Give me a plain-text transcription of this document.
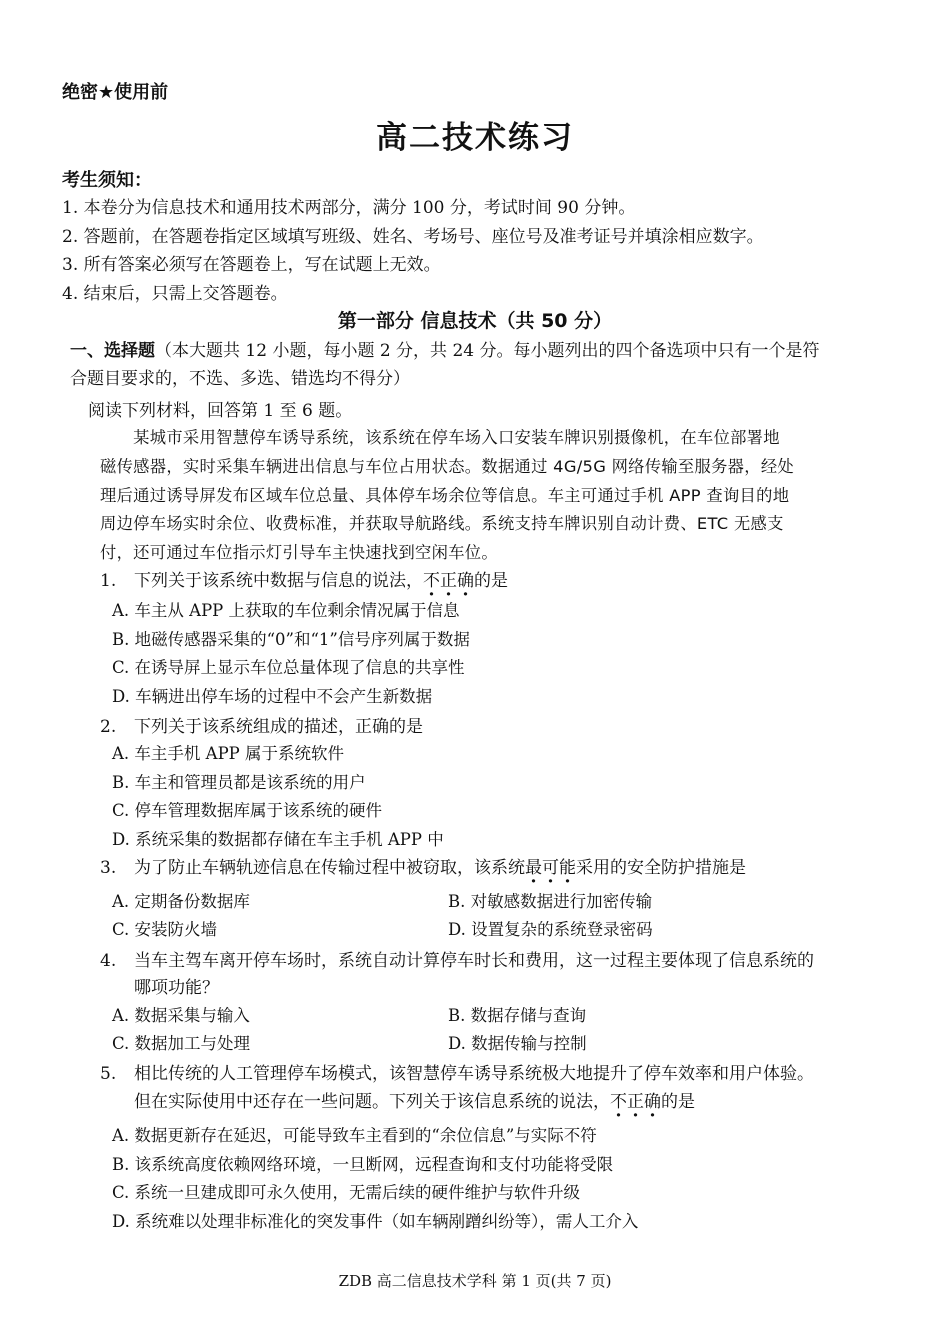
绝密★使用前
高二技术练习
考生须知：
1. 本卷分为信息技术和通用技术两部分，满分 100 分，考试时间 90 分钟。
2. 答题前，在答题卷指定区域填写班级、姓名、考场号、座位号及准考证号并填涂相应数字。
3. 所有答案必须写在答题卷上，写在试题上无效。
4. 结束后，只需上交答题卷。
第一部分 信息技术（共 50 分）
一、选择题（本大题共 12 小题，每小题 2 分，共 24 分。每小题列出的四个备选项中只有一个是符
合题目要求的，不选、多选、错选均不得分）
阅读下列材料，回答第 1 至 6 题。
　　某城市采用智慧停车诱导系统，该系统在停车场入口安装车牌识别摄像机，在车位部署地
磁传感器，实时采集车辆进出信息与车位占用状态。数据通过 4G/5G 网络传输至服务器，经处
理后通过诱导屏发布区域车位总量、具体停车场余位等信息。车主可通过手机 APP 查询目的地
周边停车场实时余位、收费标准，并获取导航路线。系统支持车牌识别自动计费、ETC 无感支
付，还可通过车位指示灯引导车主快速找到空闲车位。
1. 下列关于该系统中数据与信息的说法，不正确的是
A. 车主从 APP 上获取的车位剩余情况属于信息
B. 地磁传感器采集的“0”和“1”信号序列属于数据
C. 在诱导屏上显示车位总量体现了信息的共享性
D. 车辆进出停车场的过程中不会产生新数据
2. 下列关于该系统组成的描述，正确的是
A. 车主手机 APP 属于系统软件
B. 车主和管理员都是该系统的用户
C. 停车管理数据库属于该系统的硬件
D. 系统采集的数据都存储在车主手机 APP 中
3. 为了防止车辆轨迹信息在传输过程中被窃取，该系统最可能采用的安全防护措施是
A. 定期备份数据库	B. 对敏感数据进行加密传输
C. 安装防火墙	D. 设置复杂的系统登录密码
4. 当车主驾车离开停车场时，系统自动计算停车时长和费用，这一过程主要体现了信息系统的
哪项功能？
A. 数据采集与输入	B. 数据存储与查询
C. 数据加工与处理	D. 数据传输与控制
5. 相比传统的人工管理停车场模式，该智慧停车诱导系统极大地提升了停车效率和用户体验。
但在实际使用中还存在一些问题。下列关于该信息系统的说法，不正确的是
A. 数据更新存在延迟，可能导致车主看到的“余位信息”与实际不符
B. 该系统高度依赖网络环境，一旦断网，远程查询和支付功能将受限
C. 系统一旦建成即可永久使用，无需后续的硬件维护与软件升级
D. 系统难以处理非标准化的突发事件（如车辆剐蹭纠纷等），需人工介入
ZDB 高二信息技术学科 第 1 页(共 7 页)
